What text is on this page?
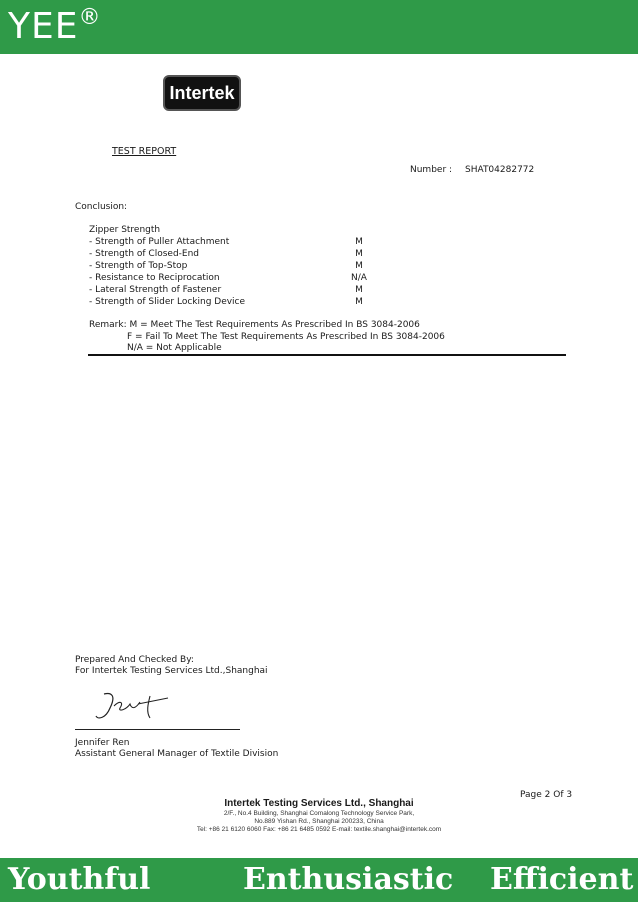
YEE®
Intertek
TEST REPORT
Number : SHAT04282772
Conclusion:
Zipper Strength
- Strength of Puller Attachment	M
- Strength of Closed-End	M
- Strength of Top-Stop	M
- Resistance to Reciprocation	N/A
- Lateral Strength of Fastener	M
- Strength of Slider Locking Device	M
Remark: M = Meet The Test Requirements As Prescribed In BS 3084-2006
F = Fail To Meet The Test Requirements As Prescribed In BS 3084-2006
N/A = Not Applicable
Prepared And Checked By:
For Intertek Testing Services Ltd.,Shanghai
Jennifer Ren
Assistant General Manager of Textile Division
Page 2 Of 3
Intertek Testing Services Ltd., Shanghai
2/F., No.4 Building, Shanghai Comalong Technology Service Park,
No.889 Yishan Rd., Shanghai 200233, China
Tel: +86 21 6120 6060 Fax: +86 21 6485 0592 E-mail: textile.shanghai@intertek.com
Youthful	Enthusiastic Efficient
